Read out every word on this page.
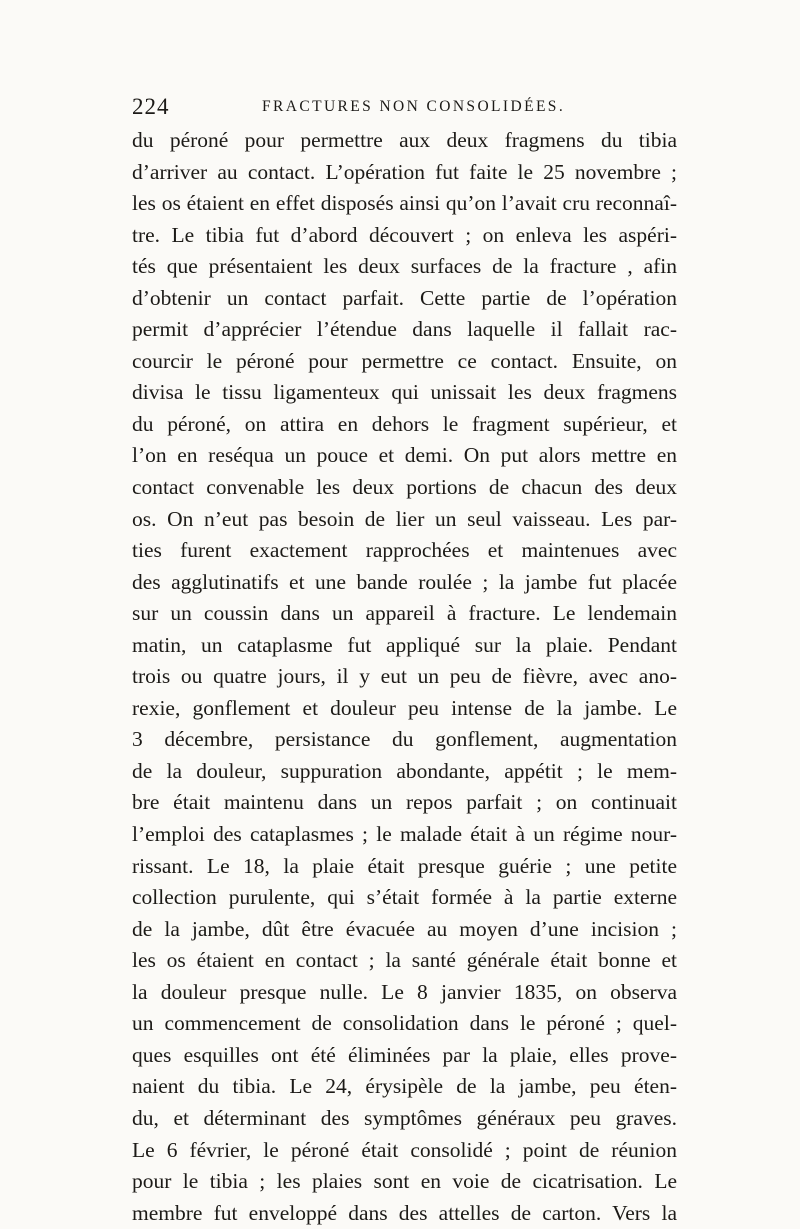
224	FRACTURES NON CONSOLIDÉES.
du péroné pour permettre aux deux fragmens du tibia
d’arriver au contact. L’opération fut faite le 25 novembre ;
les os étaient en effet disposés ainsi qu’on l’avait cru reconnaî-
tre. Le tibia fut d’abord découvert ; on enleva les aspéri-
tés que présentaient les deux surfaces de la fracture , afin
d’obtenir un contact parfait. Cette partie de l’opération
permit d’apprécier l’étendue dans laquelle il fallait rac-
courcir le péroné pour permettre ce contact. Ensuite, on
divisa le tissu ligamenteux qui unissait les deux fragmens
du péroné, on attira en dehors le fragment supérieur, et
l’on en reséqua un pouce et demi. On put alors mettre en
contact convenable les deux portions de chacun des deux
os. On n’eut pas besoin de lier un seul vaisseau. Les par-
ties furent exactement rapprochées et maintenues avec
des agglutinatifs et une bande roulée ; la jambe fut placée
sur un coussin dans un appareil à fracture. Le lendemain
matin, un cataplasme fut appliqué sur la plaie. Pendant
trois ou quatre jours, il y eut un peu de fièvre, avec ano-
rexie, gonflement et douleur peu intense de la jambe. Le
3 décembre, persistance du gonflement, augmentation
de la douleur, suppuration abondante, appétit ; le mem-
bre était maintenu dans un repos parfait ; on continuait
l’emploi des cataplasmes ; le malade était à un régime nour-
rissant. Le 18, la plaie était presque guérie ; une petite
collection purulente, qui s’était formée à la partie externe
de la jambe, dût être évacuée au moyen d’une incision ;
les os étaient en contact ; la santé générale était bonne et
la douleur presque nulle. Le 8 janvier 1835, on observa
un commencement de consolidation dans le péroné ; quel-
ques esquilles ont été éliminées par la plaie, elles prove-
naient du tibia. Le 24, érysipèle de la jambe, peu éten-
du, et déterminant des symptômes généraux peu graves.
Le 6 février, le péroné était consolidé ; point de réunion
pour le tibia ; les plaies sont en voie de cicatrisation. Le
membre fut enveloppé dans des attelles de carton. Vers la
